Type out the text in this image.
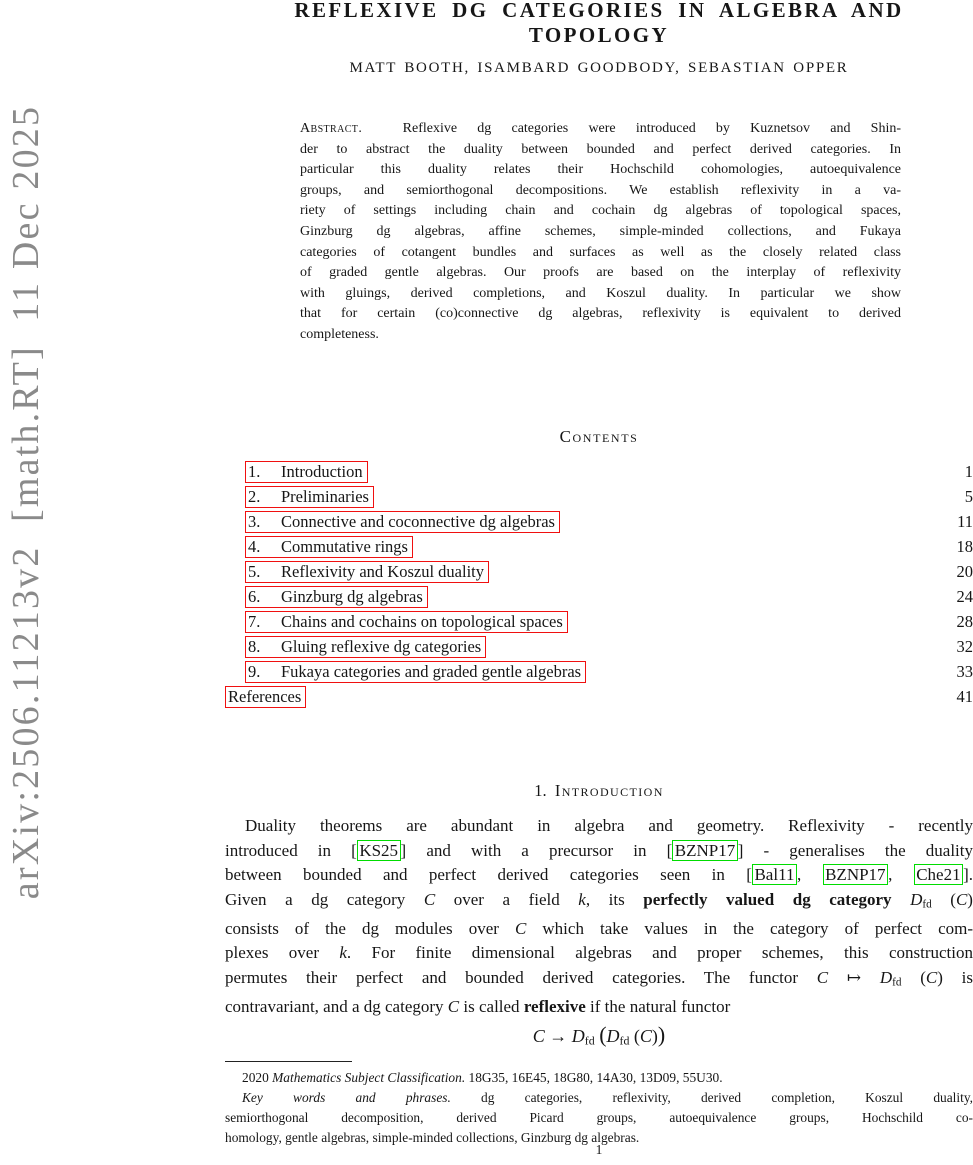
arXiv:2506.11213v2  [math.RT]  11 Dec 2025
REFLEXIVE DG CATEGORIES IN ALGEBRA AND TOPOLOGY
MATT BOOTH, ISAMBARD GOODBODY, SEBASTIAN OPPER
Abstract.  Reflexive dg categories were introduced by Kuznetsov and Shin-
der to abstract the duality between bounded and perfect derived categories. In
particular this duality relates their Hochschild cohomologies, autoequivalence
groups, and semiorthogonal decompositions. We establish reflexivity in a va-
riety of settings including chain and cochain dg algebras of topological spaces,
Ginzburg dg algebras, affine schemes, simple-minded collections, and Fukaya
categories of cotangent bundles and surfaces as well as the closely related class
of graded gentle algebras. Our proofs are based on the interplay of reflexivity
with gluings, derived completions, and Koszul duality. In particular we show
that for certain (co)connective dg algebras, reflexivity is equivalent to derived
completeness.
Contents
1. Introduction	1
2. Preliminaries	5
3. Connective and coconnective dg algebras	11
4. Commutative rings	18
5. Reflexivity and Koszul duality	20
6. Ginzburg dg algebras	24
7. Chains and cochains on topological spaces	28
8. Gluing reflexive dg categories	32
9. Fukaya categories and graded gentle algebras	33
References	41
1. Introduction
Duality theorems are abundant in algebra and geometry. Reflexivity - recently
introduced in [ KS25 ] and with a precursor in [ BZNP17 ] - generalises the duality
between bounded and perfect derived categories seen in [ Bal11 , BZNP17 , Che21 ].
Given a dg category C over a field k, its perfectly valued dg category Dfd (C)
consists of the dg modules over C which take values in the category of perfect com-
plexes over k. For finite dimensional algebras and proper schemes, this construction
permutes their perfect and bounded derived categories. The functor C ↦ Dfd (C) is
contravariant, and a dg category C is called reflexive if the natural functor
C → Dfd (Dfd (C))
2020 Mathematics Subject Classification. 18G35, 16E45, 18G80, 14A30, 13D09, 55U30.
Key words and phrases. dg categories, reflexivity, derived completion, Koszul duality,
semiorthogonal decomposition, derived Picard groups, autoequivalence groups, Hochschild co-
homology, gentle algebras, simple-minded collections, Ginzburg dg algebras.
1
